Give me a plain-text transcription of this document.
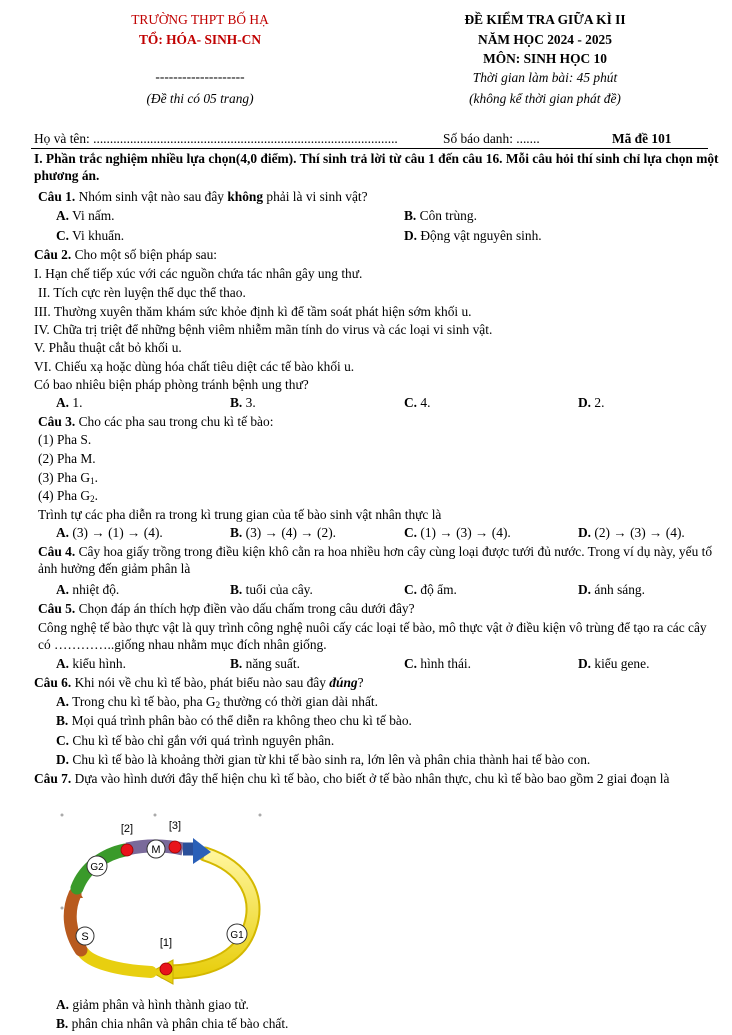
TRƯỜNG THPT BỐ HẠ
TỔ: HÓA- SINH-CN
--------------------
(Đề thi có 05 trang)
ĐỀ KIỂM TRA GIỮA KÌ II
NĂM HỌC 2024 - 2025
MÔN: SINH HỌC 10
Thời gian làm bài: 45 phút
(không kể thời gian phát đề)
Họ và tên: ...........................................................................................	Số báo danh: .......	Mã đề 101
I. Phần trắc nghiệm nhiều lựa chọn(4,0 điểm). Thí sinh trả lời từ câu 1 đến câu 16. Mỗi câu hỏi thí sinh chỉ lựa chọn một phương án.
Câu 1. Nhóm sinh vật nào sau đây không phải là vi sinh vật?
A. Vi nấm.	B. Côn trùng.
C. Vi khuẩn.	D. Động vật nguyên sinh.
Câu 2. Cho một số biện pháp sau:
I. Hạn chế tiếp xúc với các nguồn chứa tác nhân gây ung thư.
II. Tích cực rèn luyện thể dục thể thao.
III. Thường xuyên thăm khám sức khỏe định kì để tầm soát phát hiện sớm khối u.
IV. Chữa trị triệt để những bệnh viêm nhiễm mãn tính do virus và các loại vi sinh vật.
V. Phẫu thuật cắt bỏ khối u.
VI. Chiếu xạ hoặc dùng hóa chất tiêu diệt các tế bào khối u.
Có bao nhiêu biện pháp phòng tránh bệnh ung thư?
A. 1.	B. 3.	C. 4.	D. 2.
Câu 3. Cho các pha sau trong chu kì tế bào:
(1) Pha S.
(2) Pha M.
(3) Pha $G_1$.
(4) Pha $G_2$.
Trình tự các pha diễn ra trong kì trung gian của tế bào sinh vật nhân thực là
A. (3) → (1) → (4).	B. (3) → (4) → (2).	C. (1) → (3) → (4).	D. (2) → (3) → (4).
Câu 4. Cây hoa giấy trồng trong điều kiện khô cằn ra hoa nhiều hơn cây cùng loại được tưới đủ nước. Trong ví dụ này, yếu tố ảnh hưởng đến giảm phân là
A. nhiệt độ.	B. tuổi của cây.	C. độ ẩm.	D. ánh sáng.
Câu 5. Chọn đáp án thích hợp điền vào dấu chấm trong câu dưới đây?
Công nghệ tế bào thực vật là quy trình công nghệ nuôi cấy các loại tế bào, mô thực vật ở điều kiện vô trùng để tạo ra các cây có …………..giống nhau nhằm mục đích nhân giống.
A. kiểu hình.	B. năng suất.	C. hình thái.	D. kiểu gene.
Câu 6. Khi nói về chu kì tế bào, phát biểu nào sau đây đúng?
A. Trong chu kì tế bào, pha $G_2$ thường có thời gian dài nhất.
B. Mọi quá trình phân bào có thể diễn ra không theo chu kì tế bào.
C. Chu kì tế bào chỉ gắn với quá trình nguyên phân.
D. Chu kì tế bào là khoảng thời gian từ khi tế bào sinh ra, lớn lên và phân chia thành hai tế bào con.
Câu 7. Dựa vào hình dưới đây thể hiện chu kì tế bào, cho biết ở tế bào nhân thực, chu kì tế bào bao gồm 2 giai đoạn là
M
G2
S	G1
[2]	[3]
[1]
A. giảm phân và hình thành giao tử.
B. phân chia nhân và phân chia tế bào chất.
